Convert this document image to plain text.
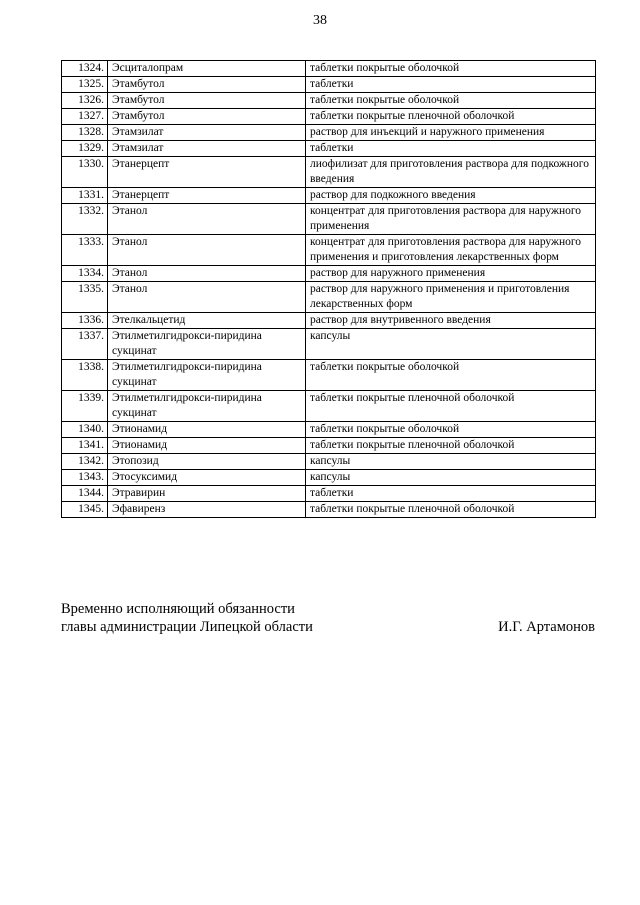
38
1324.	Эсциталопрам	таблетки покрытые оболочкой
1325.	Этамбутол	таблетки
1326.	Этамбутол	таблетки покрытые оболочкой
1327.	Этамбутол	таблетки покрытые пленочной оболочкой
1328.	Этамзилат	раствор для инъекций и наружного применения
1329.	Этамзилат	таблетки
1330.	Этанерцепт	лиофилизат для приготовления раствора для подкожного введения
1331.	Этанерцепт	раствор для подкожного введения
1332.	Этанол	концентрат для приготовления раствора для наружного применения
1333.	Этанол	концентрат для приготовления раствора для наружного применения и приготовления лекарственных форм
1334.	Этанол	раствор для наружного применения
1335.	Этанол	раствор для наружного применения и приготовления лекарственных форм
1336.	Этелкальцетид	раствор для внутривенного введения
1337.	Этилметилгидрокси-пиридина сукцинат	капсулы
1338.	Этилметилгидрокси-пиридина сукцинат	таблетки покрытые оболочкой
1339.	Этилметилгидрокси-пиридина сукцинат	таблетки покрытые пленочной оболочкой
1340.	Этионамид	таблетки покрытые оболочкой
1341.	Этионамид	таблетки покрытые пленочной оболочкой
1342.	Этопозид	капсулы
1343.	Этосуксимид	капсулы
1344.	Этравирин	таблетки
1345.	Эфавиренз	таблетки покрытые пленочной оболочкой
Временно исполняющий обязанности
главы администрации Липецкой области	И.Г. Артамонов
